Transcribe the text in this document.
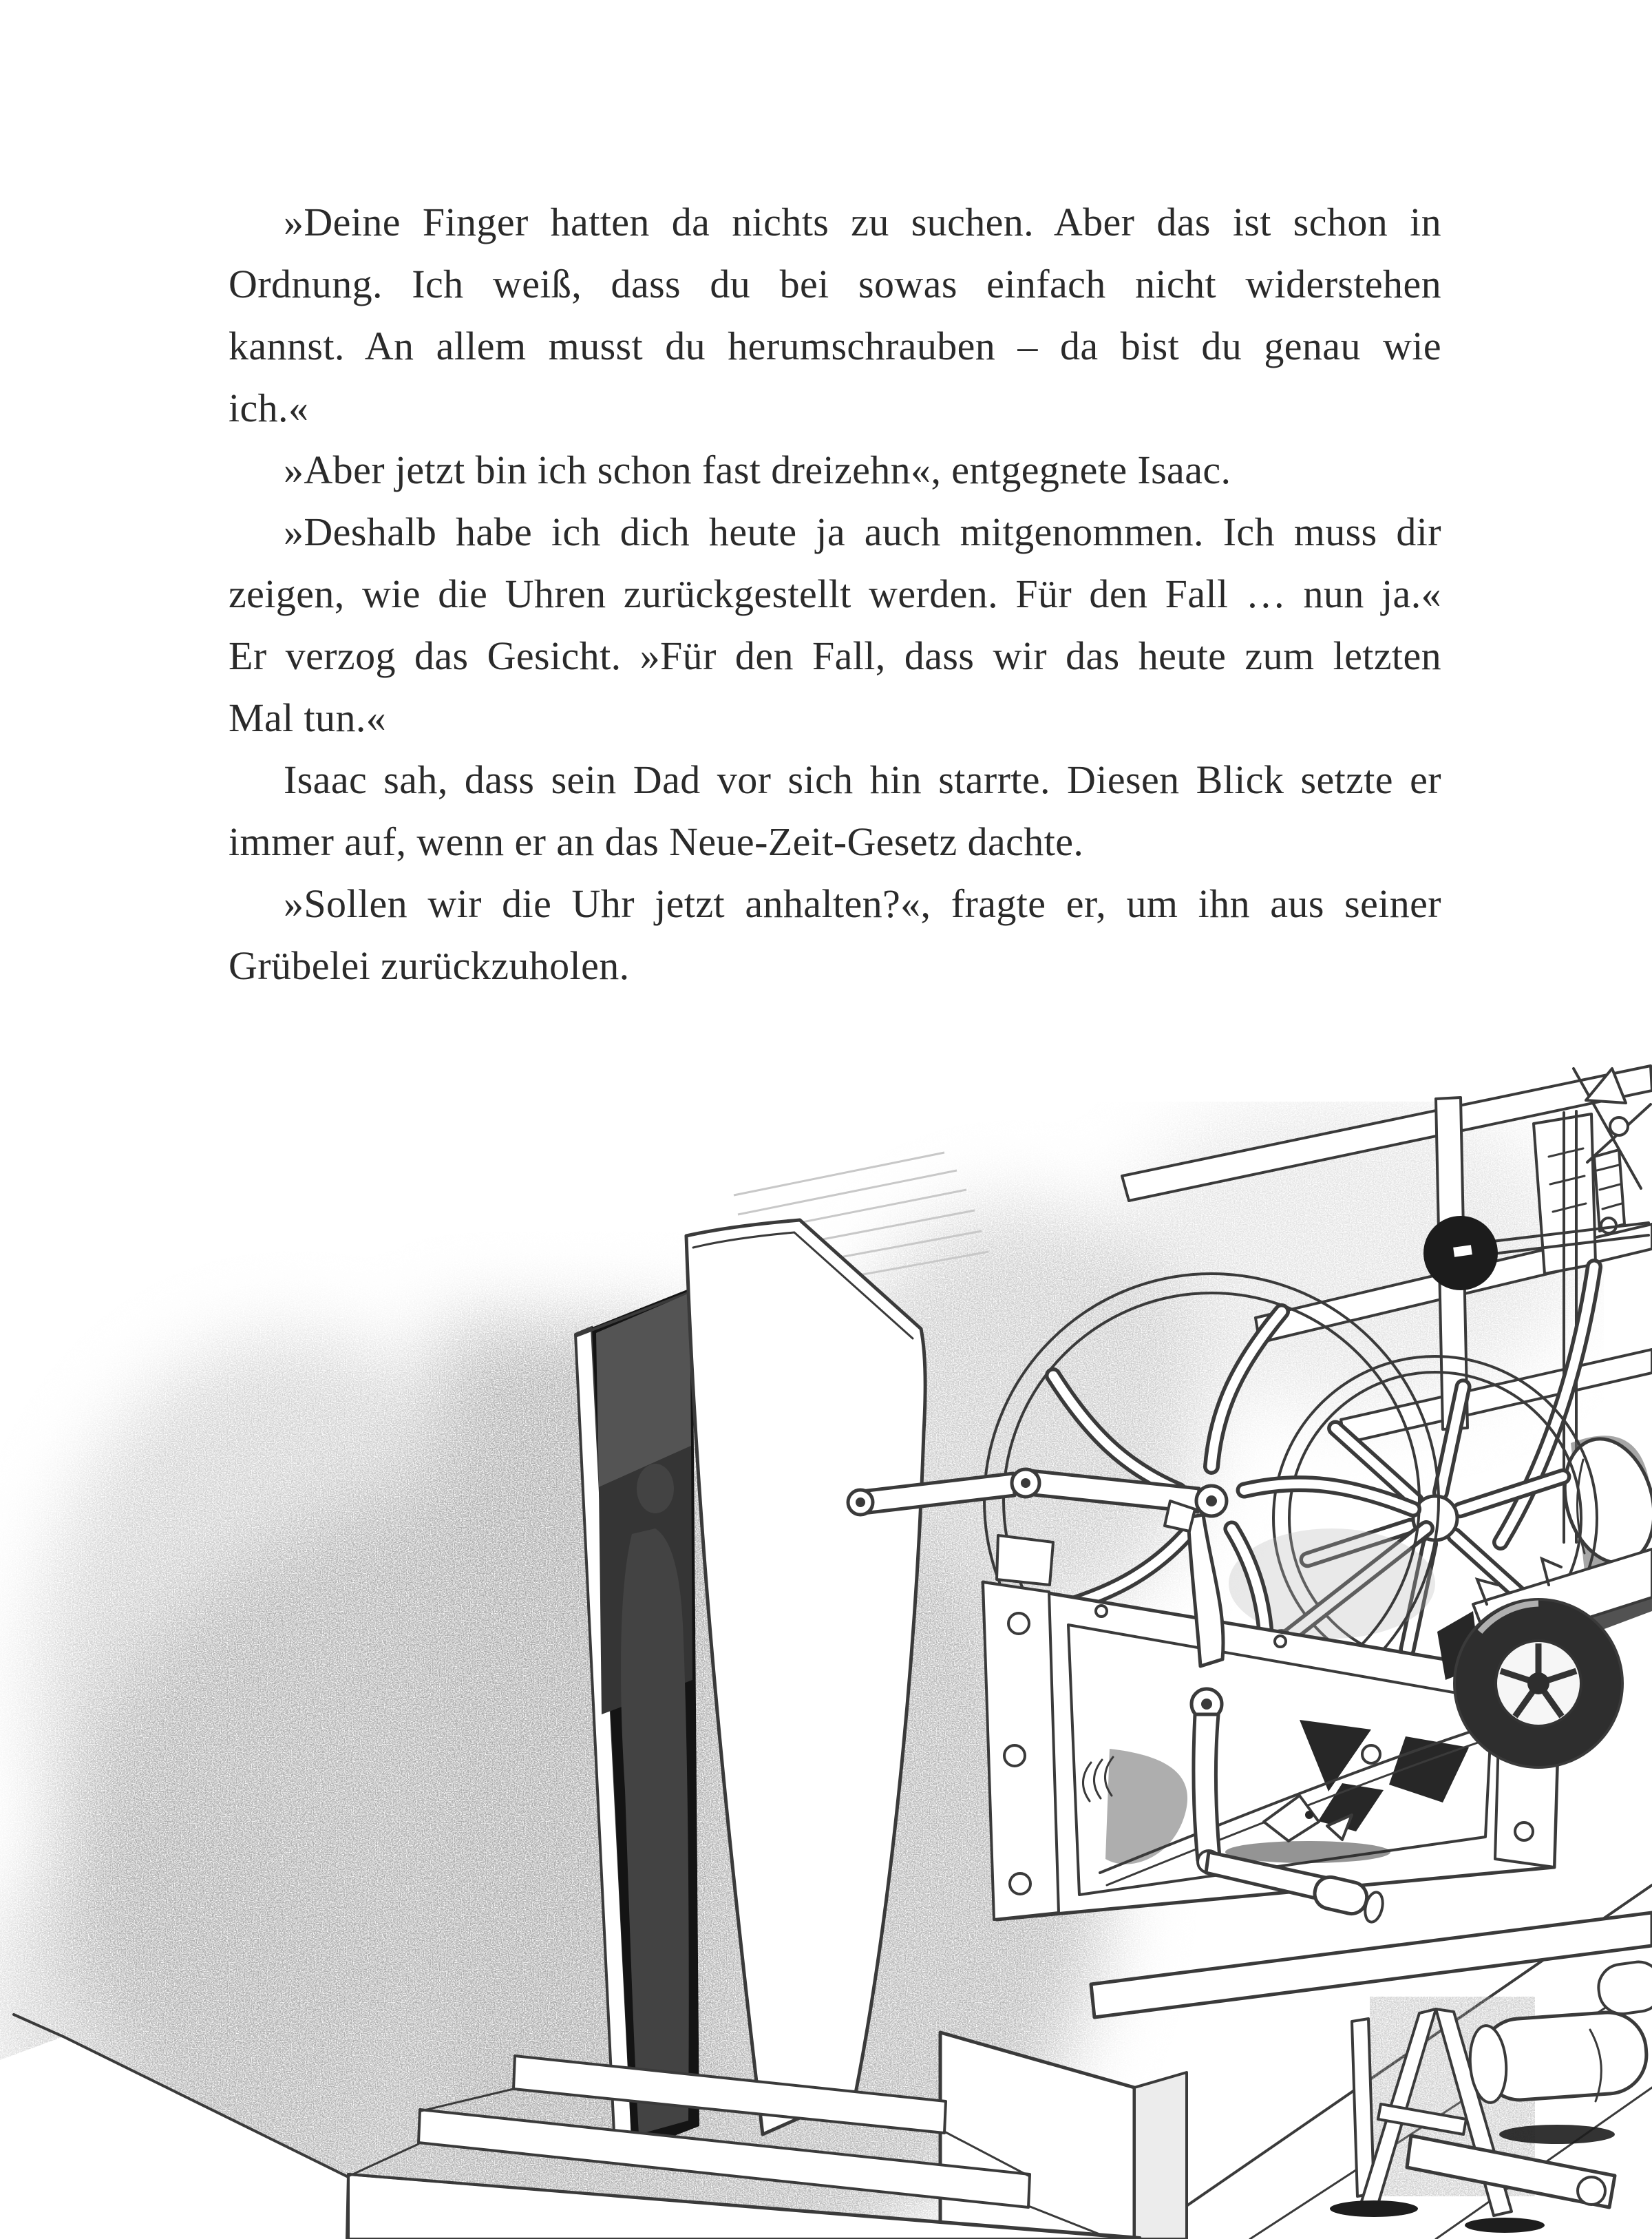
»Deine Finger hatten da nichts zu suchen. Aber das ist schon in
Ordnung. Ich weiß, dass du bei sowas einfach nicht widerstehen
kannst. An allem musst du herumschrauben – da bist du genau wie
ich.«
»Aber jetzt bin ich schon fast dreizehn«, entgegnete Isaac.
»Deshalb habe ich dich heute ja auch mitgenommen. Ich muss dir
zeigen, wie die Uhren zurückgestellt werden. Für den Fall … nun ja.«
Er verzog das Gesicht. »Für den Fall, dass wir das heute zum letzten
Mal tun.«
Isaac sah, dass sein Dad vor sich hin starrte. Diesen Blick setzte er
immer auf, wenn er an das Neue-Zeit-Gesetz dachte.
»Sollen wir die Uhr jetzt anhalten?«, fragte er, um ihn aus seiner
Grübelei zurückzuholen.
